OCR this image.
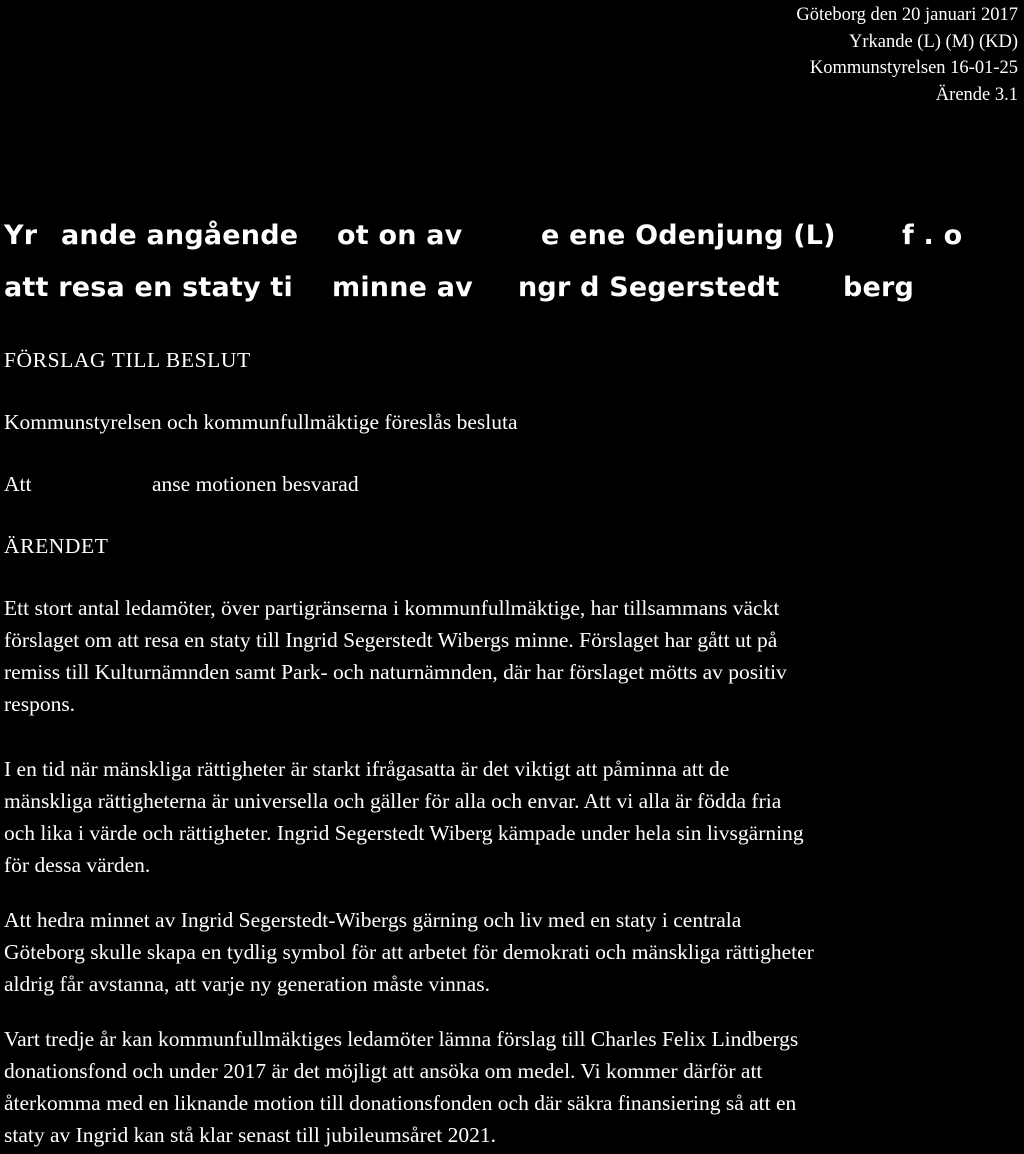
Göteborg den 20 januari 2017
Yrkande (L) (M) (KD)
Kommunstyrelsen 16-01-25
Ärende 3.1
Yr ande angående ot on av	e ene Odenjung (L) f . o
att resa en staty ti minne av ngr d Segerstedt berg
FÖRSLAG TILL BESLUT
Kommunstyrelsen och kommunfullmäktige föreslås besluta
Att	anse motionen besvarad
ÄRENDET

Ett stort antal ledamöter, över partigränserna i kommunfullmäktige, har tillsammans väckt

förslaget om att resa en staty till Ingrid Segerstedt Wibergs minne. Förslaget har gått ut på

remiss till Kulturnämnden samt Park- och naturnämnden, där har förslaget mötts av positiv

respons.

I en tid när mänskliga rättigheter är starkt ifrågasatta är det viktigt att påminna att de

mänskliga rättigheterna är universella och gäller för alla och envar. Att vi alla är födda fria

och lika i värde och rättigheter. Ingrid Segerstedt Wiberg kämpade under hela sin livsgärning

för dessa värden.

Att hedra minnet av Ingrid Segerstedt-Wibergs gärning och liv med en staty i centrala

Göteborg skulle skapa en tydlig symbol för att arbetet för demokrati och mänskliga rättigheter

aldrig får avstanna, att varje ny generation måste vinnas.

Vart tredje år kan kommunfullmäktiges ledamöter lämna förslag till Charles Felix Lindbergs

donationsfond och under 2017 är det möjligt att ansöka om medel. Vi kommer därför att

återkomma med en liknande motion till donationsfonden och där säkra finansiering så att en

staty av Ingrid kan stå klar senast till jubileumsåret 2021.
